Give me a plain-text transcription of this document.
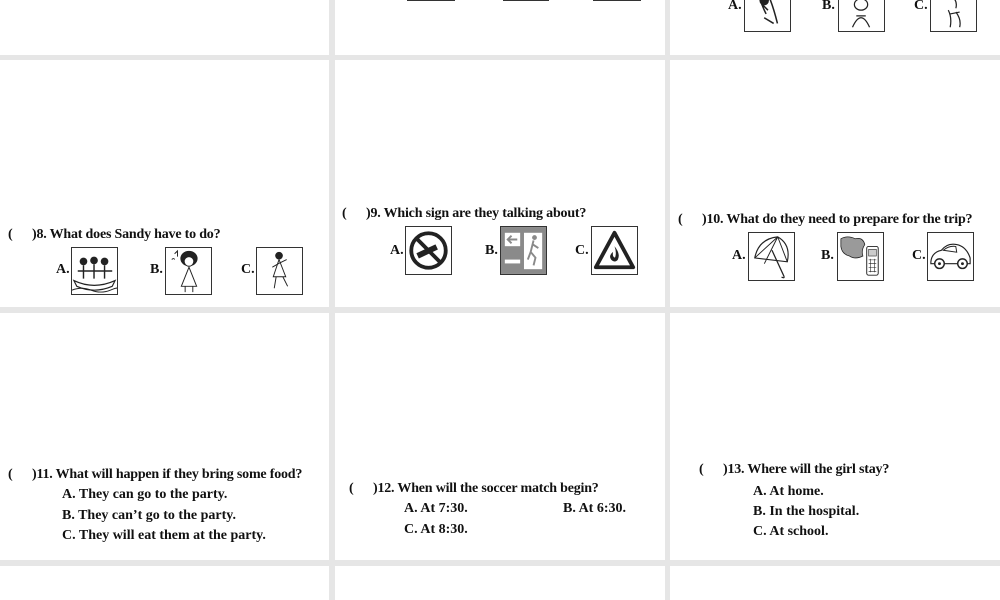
A.	B.	C.
( )8. What does Sandy have to do?
A.	B.	C.
( )9. Which sign are they talking about?
A.	B.	C.
( )10. What do they need to prepare for the trip?
A.	B.	C.
( )11. What will happen if they bring some food?
A. They can go to the party.
B. They can’t go to the party.
C. They will eat them at the party.
( )12. When will the soccer match begin?
A. At 7:30.	B. At 6:30.
C. At 8:30.
( )13. Where will the girl stay?
A. At home.
B. In the hospital.
C. At school.
